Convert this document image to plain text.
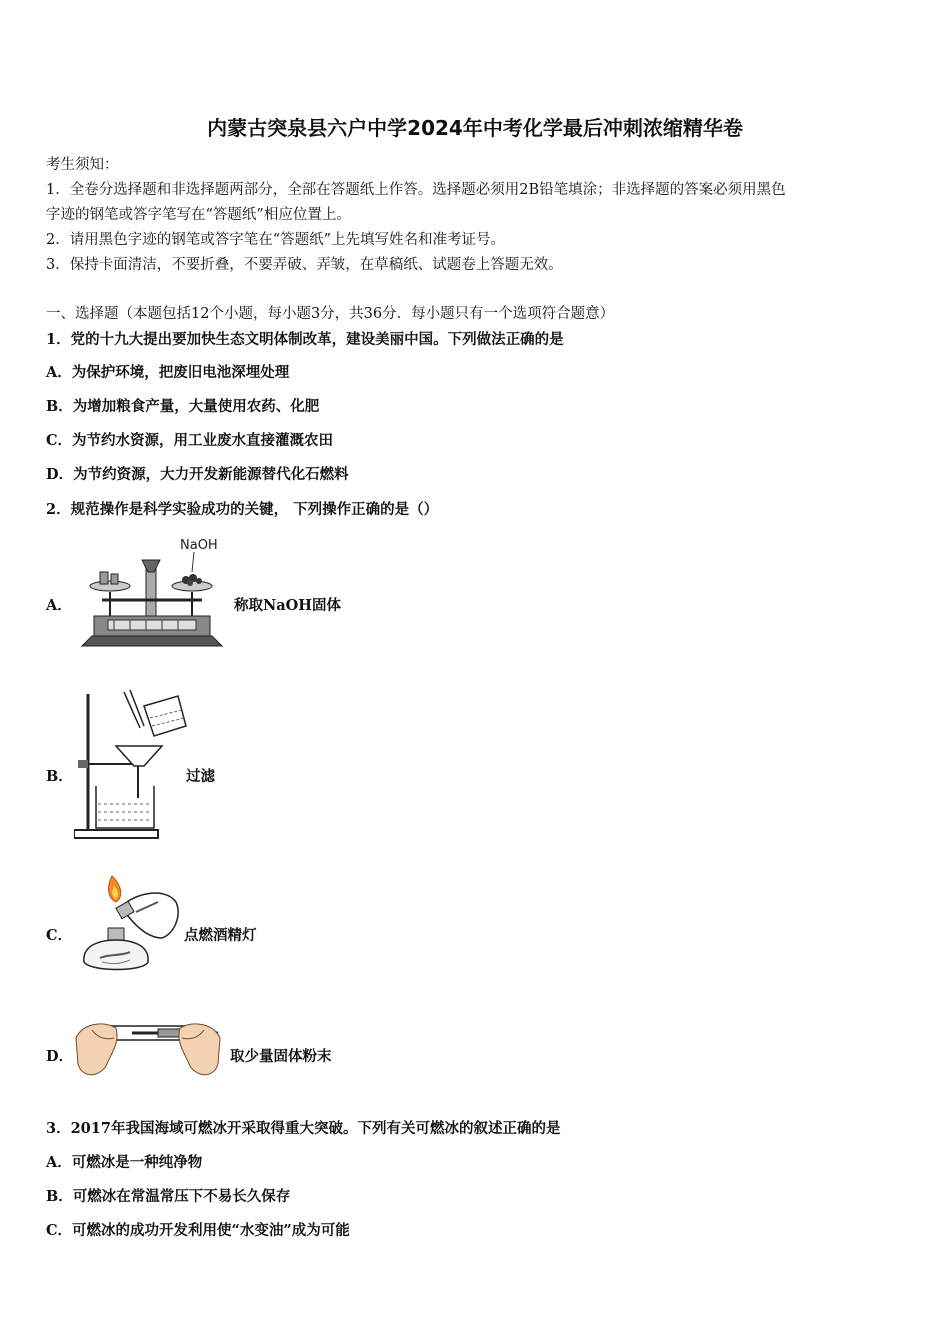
内蒙古突泉县六户中学2024年中考化学最后冲刺浓缩精华卷
考生须知：
1．全卷分选择题和非选择题两部分，全部在答题纸上作答。选择题必须用2B铅笔填涂；非选择题的答案必须用黑色
字迹的钢笔或答字笔写在“答题纸”相应位置上。
2．请用黑色字迹的钢笔或答字笔在“答题纸”上先填写姓名和准考证号。
3．保持卡面清洁，不要折叠，不要弄破、弄皱，在草稿纸、试题卷上答题无效。
一、选择题（本题包括12个小题，每小题3分，共36分．每小题只有一个选项符合题意）
1．党的十九大提出要加快生态文明体制改革，建设美丽中国。下列做法正确的是
A．为保护环境，把废旧电池深埋处理
B．为增加粮食产量，大量使用农药、化肥
C．为节约水资源，用工业废水直接灌溉农田
D．为节约资源，大力开发新能源替代化石燃料
2．规范操作是科学实验成功的关键， 下列操作正确的是（）
A．
NaOH
称取NaOH固体
B．	过滤
C．	点燃酒精灯
D．	取少量固体粉末
3．2017年我国海域可燃冰开采取得重大突破。下列有关可燃冰的叙述正确的是
A．可燃冰是一种纯净物
B．可燃冰在常温常压下不易长久保存
C．可燃冰的成功开发利用使“水变油”成为可能
